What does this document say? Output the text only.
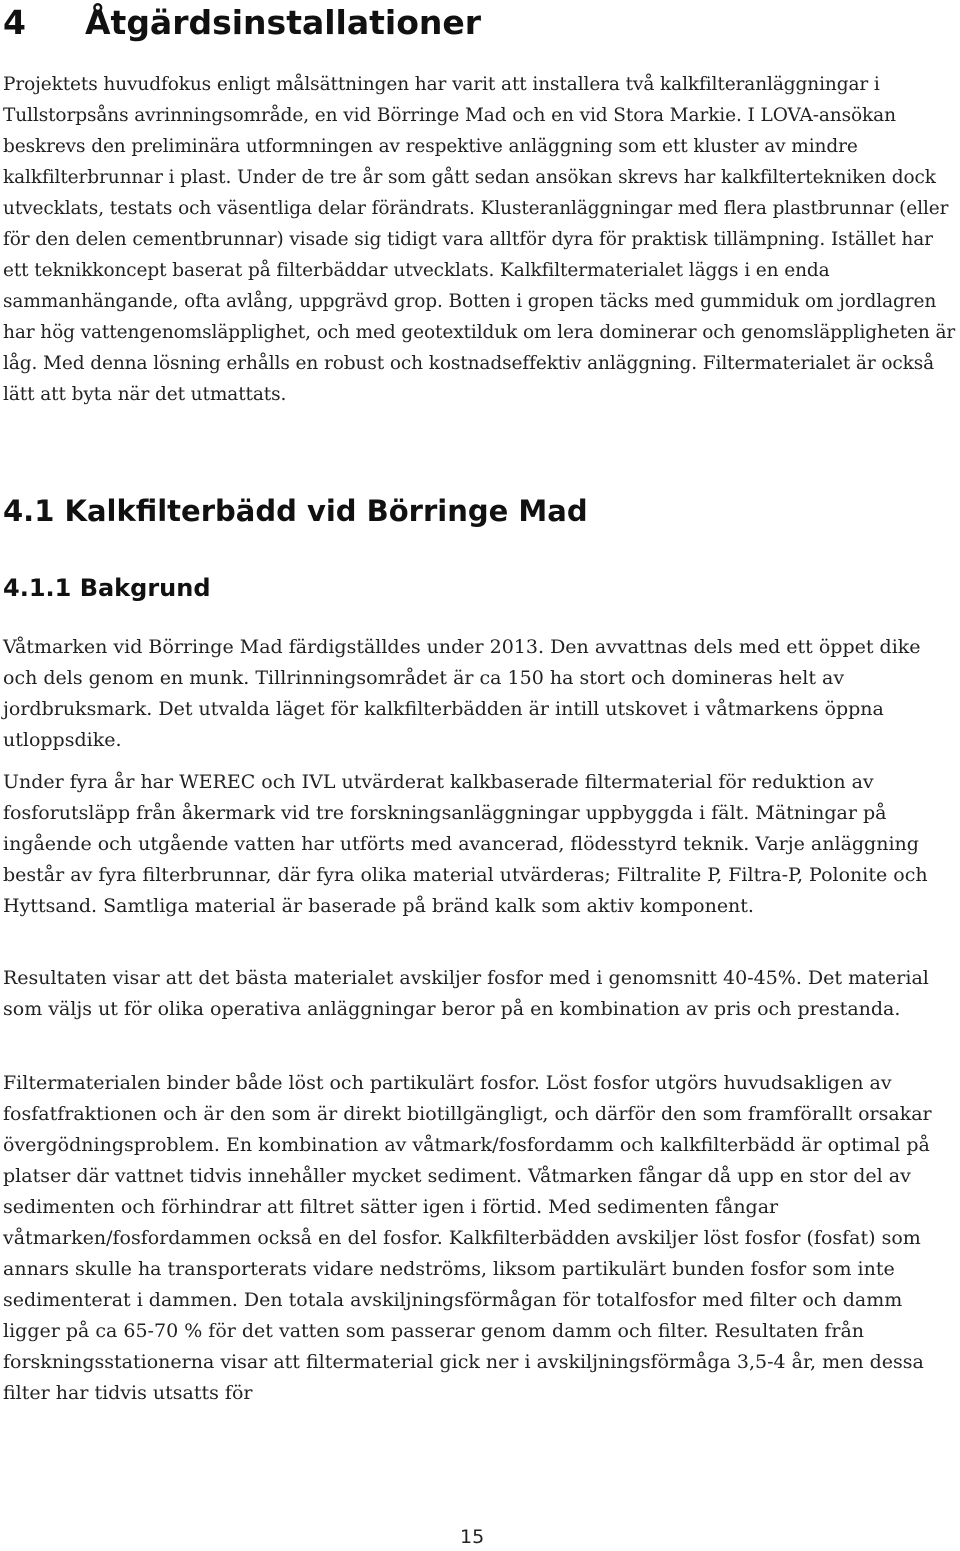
4 Åtgärdsinstallationer

Projektets huvudfokus enligt målsättningen har varit att installera två kalkfilteranläggningar i Tullstorpsåns avrinningsområde, en vid Börringe Mad och en vid Stora Markie. I LOVA-ansökan beskrevs den preliminära utformningen av respektive anläggning som ett kluster av mindre kalkfilterbrunnar i plast. Under de tre år som gått sedan ansökan skrevs har kalkfiltertekniken dock utvecklats, testats och väsentliga delar förändrats. Klusteranläggningar med flera plastbrunnar (eller för den delen cementbrunnar) visade sig tidigt vara alltför dyra för praktisk tillämpning. Istället har ett teknikkoncept baserat på filterbäddar utvecklats. Kalkfiltermaterialet läggs i en enda sammanhängande, ofta avlång, uppgrävd grop. Botten i gropen täcks med gummiduk om jordlagren har hög vattengenomsläpplighet, och med geotextilduk om lera dominerar och genomsläppligheten är låg. Med denna lösning erhålls en robust och kostnadseffektiv anläggning. Filtermaterialet är också lätt att byta när det utmattats.

4.1 Kalkfilterbädd vid Börringe Mad
4.1.1 Bakgrund

Våtmarken vid Börringe Mad färdigställdes under 2013. Den avvattnas dels med ett öppet dike och dels genom en munk. Tillrinningsområdet är ca 150 ha stort och domineras helt av jordbruksmark. Det utvalda läget för kalkfilterbädden är intill utskovet i våtmarkens öppna utloppsdike.

Under fyra år har WEREC och IVL utvärderat kalkbaserade filtermaterial för reduktion av fosforutsläpp från åkermark vid tre forskningsanläggningar uppbyggda i fält. Mätningar på ingående och utgående vatten har utförts med avancerad, flödesstyrd teknik. Varje anläggning består av fyra filterbrunnar, där fyra olika material utvärderas; Filtralite P, Filtra-P, Polonite och Hyttsand. Samtliga material är baserade på bränd kalk som aktiv komponent.

Resultaten visar att det bästa materialet avskiljer fosfor med i genomsnitt 40-45%. Det material som väljs ut för olika operativa anläggningar beror på en kombination av pris och prestanda.

Filtermaterialen binder både löst och partikulärt fosfor. Löst fosfor utgörs huvudsakligen av fosfatfraktionen och är den som är direkt biotillgängligt, och därför den som framförallt orsakar övergödningsproblem. En kombination av våtmark/fosfordamm och kalkfilterbädd är optimal på platser där vattnet tidvis innehåller mycket sediment. Våtmarken fångar då upp en stor del av sedimenten och förhindrar att filtret sätter igen i förtid. Med sedimenten fångar våtmarken/fosfordammen också en del fosfor. Kalkfilterbädden avskiljer löst fosfor (fosfat) som annars skulle ha transporterats vidare nedströms, liksom partikulärt bunden fosfor som inte sedimenterat i dammen. Den totala avskiljningsförmågan för totalfosfor med filter och damm ligger på ca 65-70 % för det vatten som passerar genom damm och filter. Resultaten från forskningsstationerna visar att filtermaterial gick ner i avskiljningsförmåga 3,5-4 år, men dessa filter har tidvis utsatts för

15
